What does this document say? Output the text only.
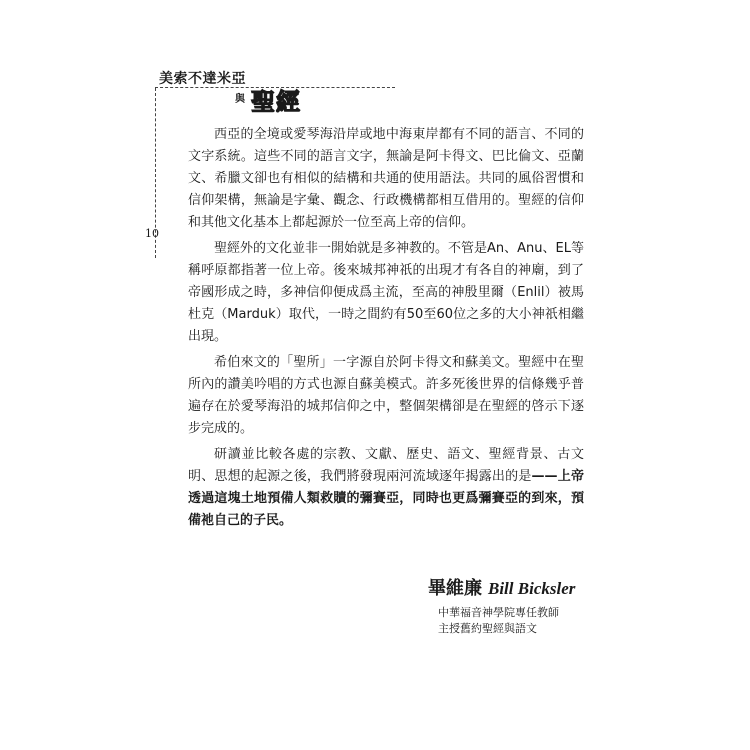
美索不達米亞
與 聖經
10

西亞的全境或愛琴海沿岸或地中海東岸都有不同的語言、不同的文字系統。這些不同的語言文字，無論是阿卡得文、巴比倫文、亞蘭文、希臘文卻也有相似的結構和共通的使用語法。共同的風俗習慣和信仰架構，無論是字彙、觀念、行政機構都相互借用的。聖經的信仰和其他文化基本上都起源於一位至高上帝的信仰。

聖經外的文化並非一開始就是多神教的。不管是An、Anu、EL等稱呼原都指著一位上帝。後來城邦神祇的出現才有各自的神廟，到了帝國形成之時，多神信仰便成爲主流，至高的神殷里爾（Enlil）被馬杜克（Marduk）取代，一時之間約有50至60位之多的大小神祇相繼出現。

希伯來文的「聖所」一字源自於阿卡得文和蘇美文。聖經中在聖所內的讚美吟唱的方式也源自蘇美模式。許多死後世界的信條幾乎普遍存在於愛琴海沿的城邦信仰之中，整個架構卻是在聖經的啓示下逐步完成的。

研讀並比較各處的宗教、文獻、歷史、語文、聖經背景、古文明、思想的起源之後，我們將發現兩河流域逐年揭露出的是——上帝透過這塊土地預備人類救贖的彌賽亞，同時也更爲彌賽亞的到來，預備祂自己的子民。

畢維廉 Bill Bicksler
中華福音神學院專任教師
主授舊約聖經與語文
